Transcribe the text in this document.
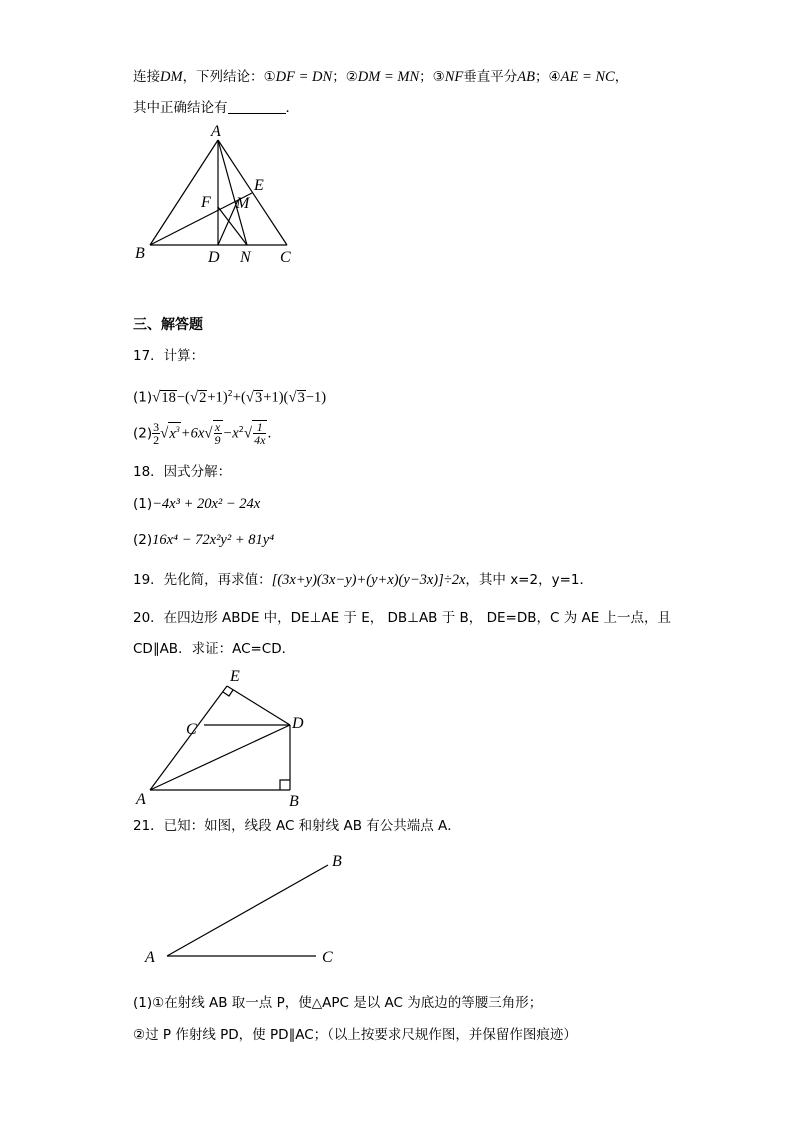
连接DM，下列结论：①DF = DN；②DM = MN；③NF垂直平分AB；④AE = NC，
其中正确结论有	．
A
B	C
D
E
F M
N
三、解答题
17．计算：
$(1)√18-(√2+1)^2+(√3+1)(√3-1)$
$(2) \frac{3}{2} √x^3+6x√ \frac{x}{9} -x^2√ \frac{1}{4x}$ ．
18．因式分解：
(1)−4x³ + 20x² − 24x
(2)16x⁴ − 72x²y² + 81y⁴
19．先化简，再求值：[(3x+y)(3x−y)+(y+x)(y−3x)]÷2x，其中 x=2，y=1．
20．在四边形 ABDE 中，DE⊥AE 于 E， DB⊥AB 于 B， DE=DB，C 为 AE 上一点，且
CD∥AB．求证：AC=CD．
A	B
C	D
E
21．已知：如图，线段 AC 和射线 AB 有公共端点 A．
A
B
C
(1)①在射线 AB 取一点 P，使△APC 是以 AC 为底边的等腰三角形；
②过 P 作射线 PD，使 PD∥AC；（以上按要求尺规作图，并保留作图痕迹）
